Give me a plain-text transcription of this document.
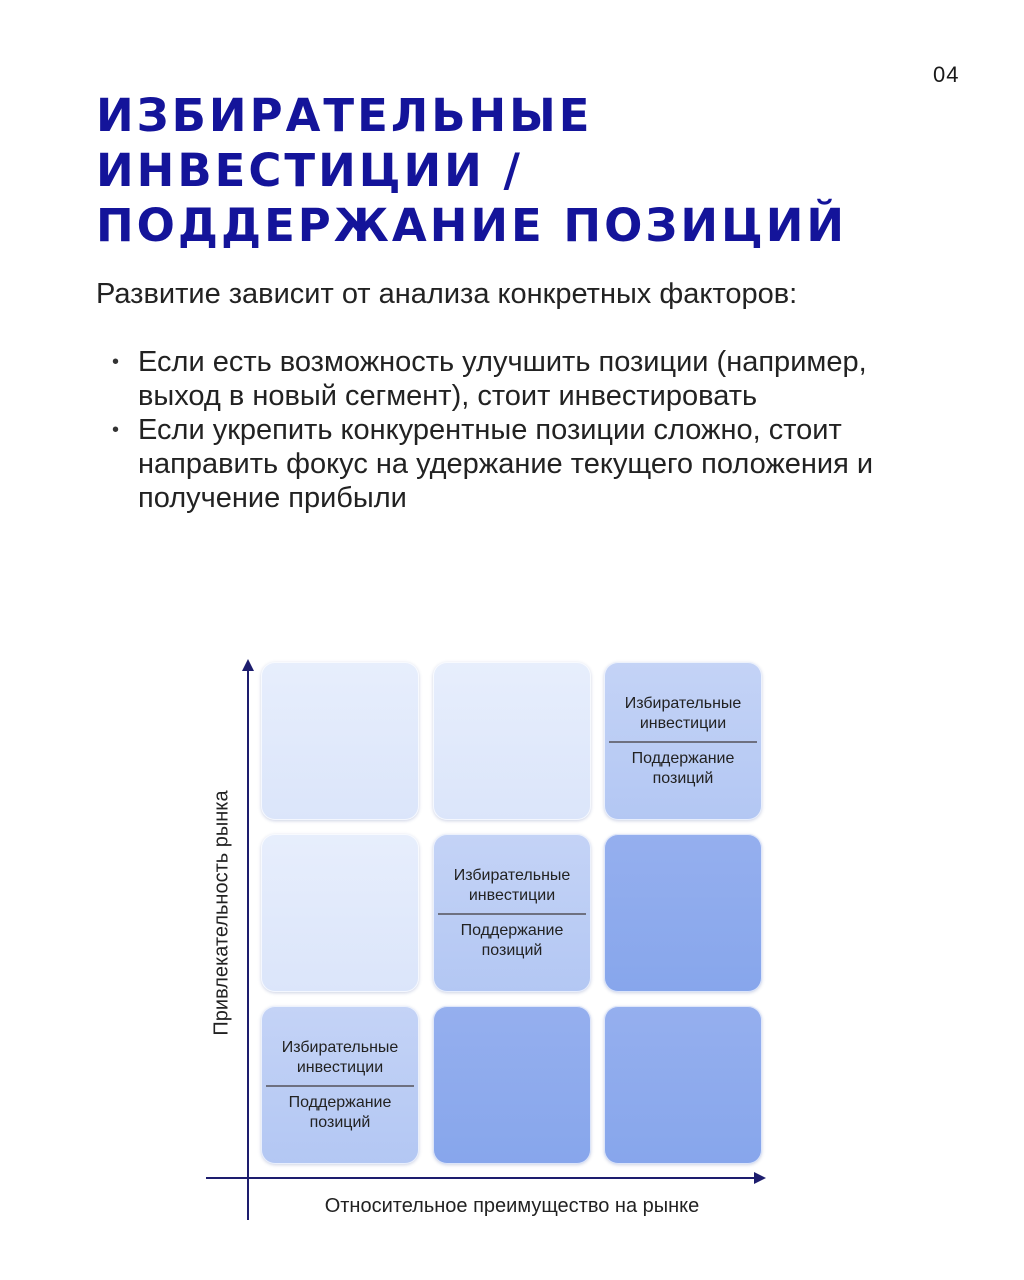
04
ИЗБИРАТЕЛЬНЫЕ
ИНВЕСТИЦИИ /
ПОДДЕРЖАНИЕ ПОЗИЦИЙ

Развитие зависит от анализа конкретных факторов:

• Если есть возможность улучшить позиции (например, выход в новый сегмент), стоит инвестировать
• Если укрепить конкурентные позиции сложно, стоит направить фокус на удержание текущего положения и получение прибыли
Привлекательность рынка
Относительное преимущество на рынке
Избирательные инвестиции
Поддержание позиций
Избирательные инвестиции
Поддержание позиций
Избирательные инвестиции
Поддержание позиций
